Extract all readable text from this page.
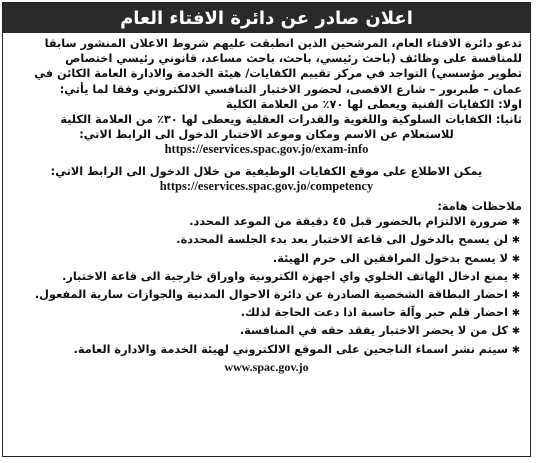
اعلان صادر عن دائرة الافتاء العام

تدعو دائرة الافتاء العام، المرشحين الذين انطبقت عليهم شروط الاعلان المنشور سابقا

للمنافسة على وظائف (باحث رئيسي، باحث، باحث مساعد، قانوني رئيسي اختصاص

تطوير مؤسسي) التواجد في مركز تقييم الكفايات/ هيئة الخدمة والادارة العامة الكائن في

عمان – طبربور – شارع الاقصى، لحضور الاختبار التنافسي الالكتروني وفقا لما يأتي:

اولا: الكفايات الفنية ويعطى لها ٧٠٪ من العلامة الكلية

ثانيا: الكفايات السلوكية واللغوية والقدرات العقلية ويعطى لها ٣٠٪ من العلامة الكلية

للاستعلام عن الاسم ومكان وموعد الاختبار الدخول الى الرابط الاتي:

https://eservices.spac.gov.jo/exam-info

يمكن الاطلاع على موقع الكفايات الوظيفية من خلال الدخول الى الرابط الاتي:

https://eservices.spac.gov.jo/competency

ملاحظات هامة:

✱ضرورة الالتزام بالحضور قبل ٤٥ دقيقة من الموعد المحدد.
✱لن يسمح بالدخول الى قاعة الاختبار بعد بدء الجلسة المحددة.
✱لا يسمح بدخول المرافقين الى حرم الهيئة.
✱يمنع ادخال الهاتف الخلوي واي اجهزة الكترونية واوراق خارجية الى قاعة الاختبار.
✱احضار البطاقة الشخصية الصادرة عن دائرة الاحوال المدنية والجوازات سارية المفعول.
✱احضار قلم حبر وآلة حاسبة اذا دعت الحاجة لذلك.
✱كل من لا يحضر الاختبار يفقد حقه في المنافسة.
✱سيتم نشر اسماء الناجحين على الموقع الالكتروني لهيئة الخدمة والادارة العامة.

www.spac.gov.jo
